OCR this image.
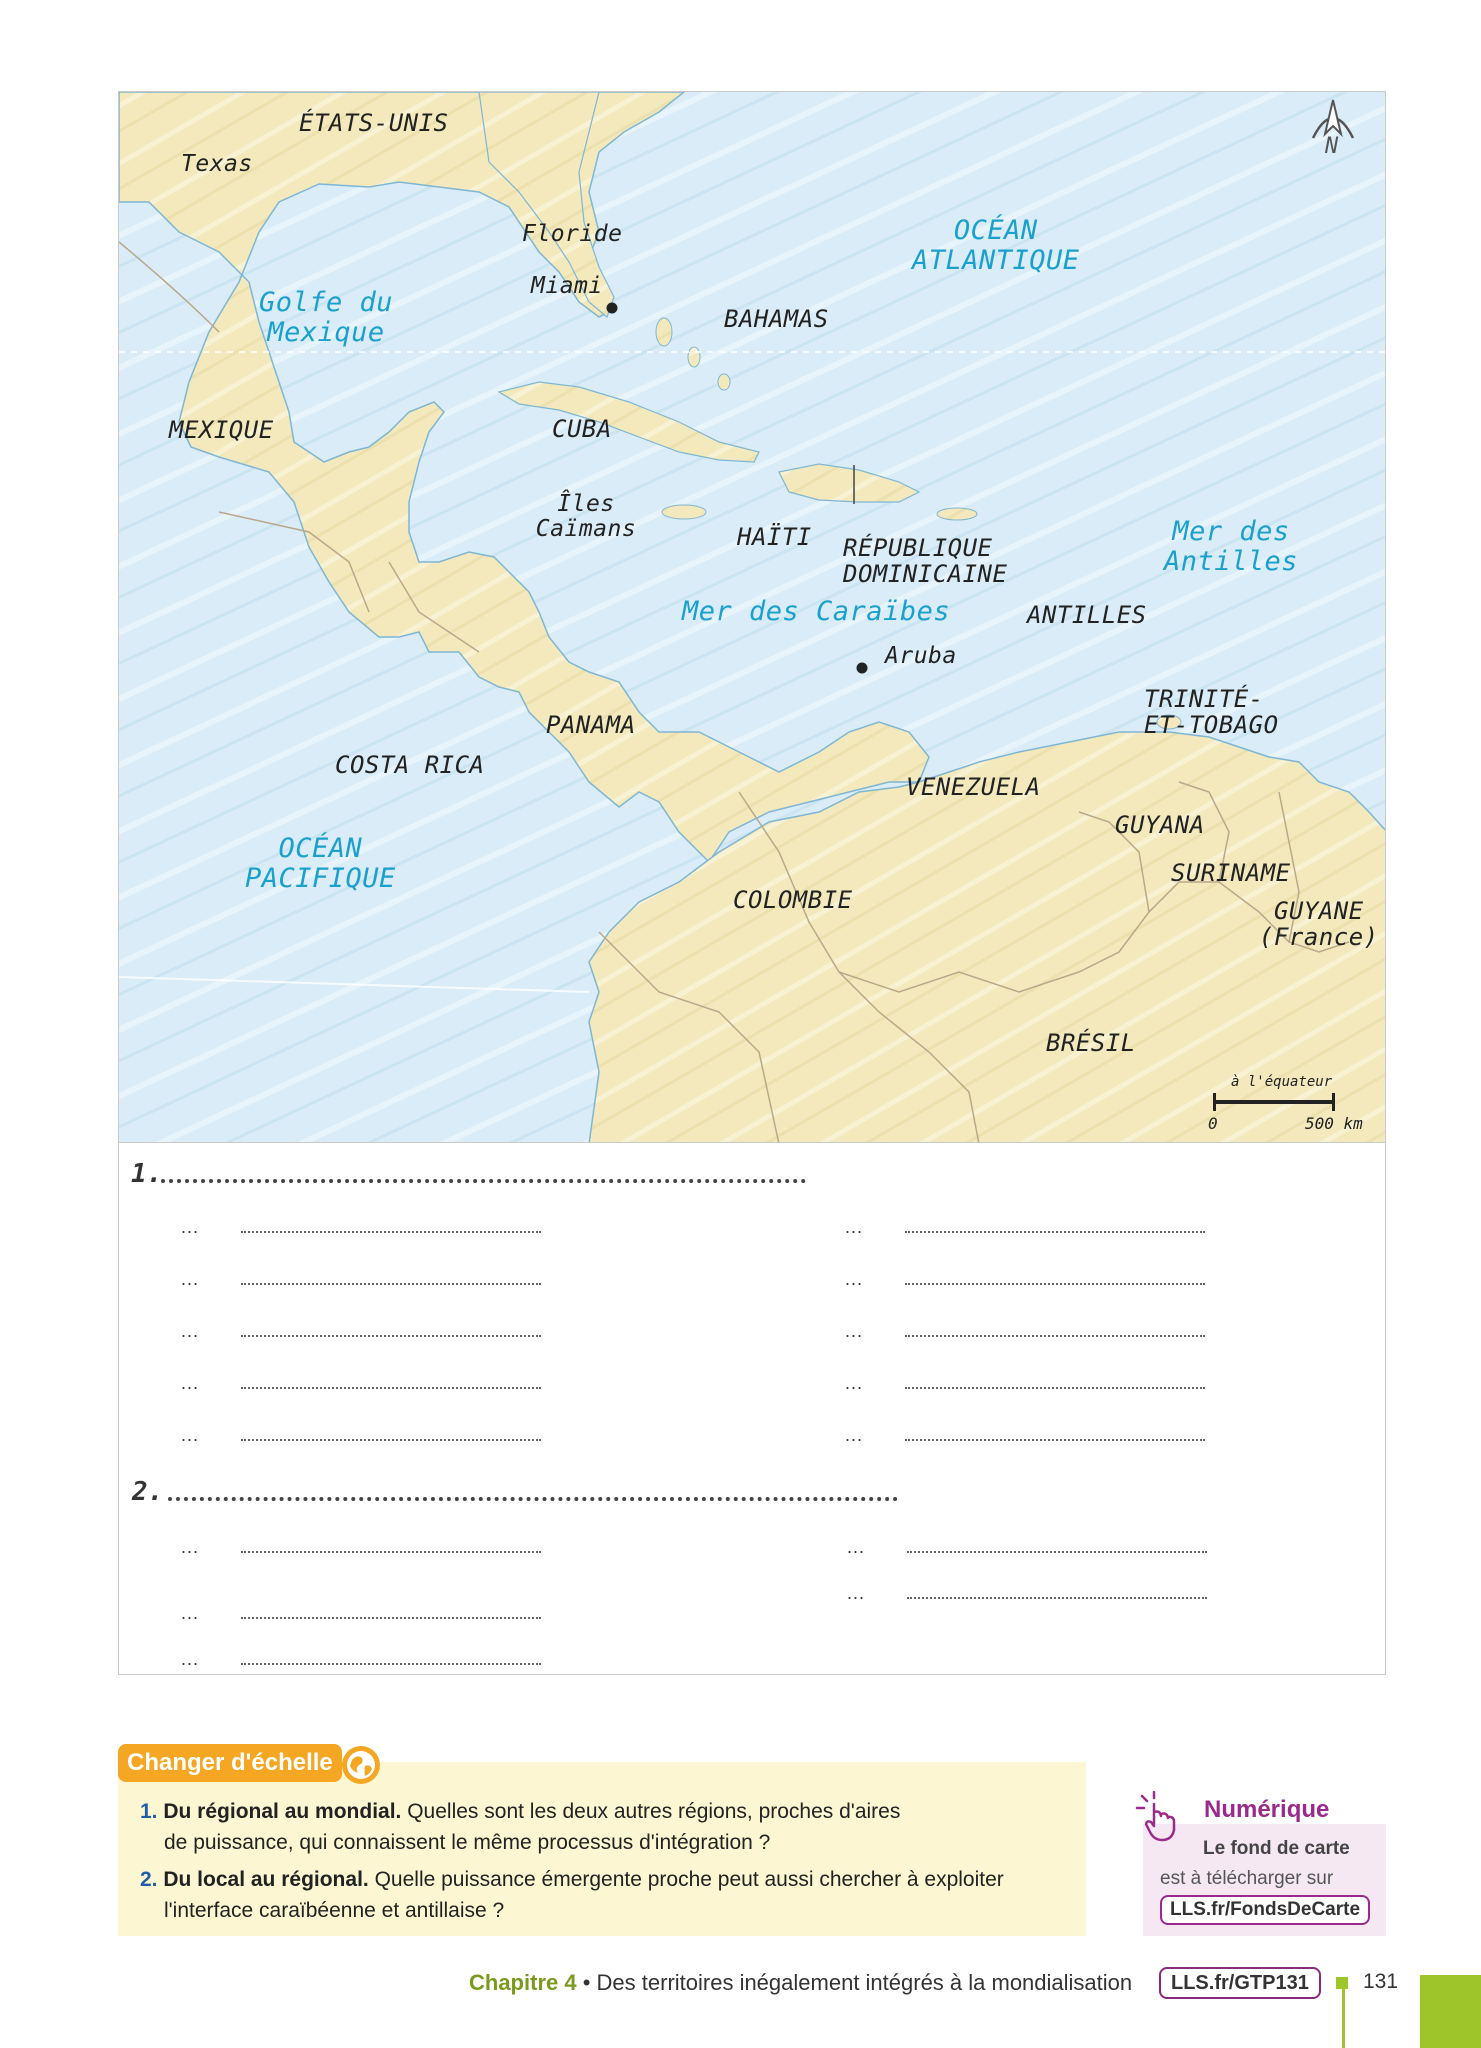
ÉTATS-UNIS
Texas
Floride
Miami
BAHAMAS
MEXIQUE	CUBA
Îles
Caïmans	HAÏTI RÉPUBLIQUE
DOMINICAINE
ANTILLES
Aruba
TRINITÉ-
ET-TOBAGO
PANAMA
COSTA RICA
VENEZUELA
GUYANA
SURINAME
GUYANE
(France)
COLOMBIE
BRÉSIL
Golfe du
Mexique
OCÉAN
ATLANTIQUE
Mer des
Antilles
Mer des Caraïbes
OCÉAN
PACIFIQUE
N
à l'équateur
0	500 km
1.
...
...
...
...
...
...
...
...
...
...
2.
...
...
...
...
...
1. Du régional au mondial. Quelles sont les deux autres régions, proches d'aires
de puissance, qui connaissent le même processus d'intégration ?
2. Du local au régional. Quelle puissance émergente proche peut aussi chercher à exploiter
l'interface caraïbéenne et antillaise ?
Changer d'échelle
Numérique
Le fond de carte
est à télécharger sur
LLS.fr/FondsDeCarte
Chapitre 4 • Des territoires inégalement intégrés à la mondialisation	LLS.fr/GTP131	131
